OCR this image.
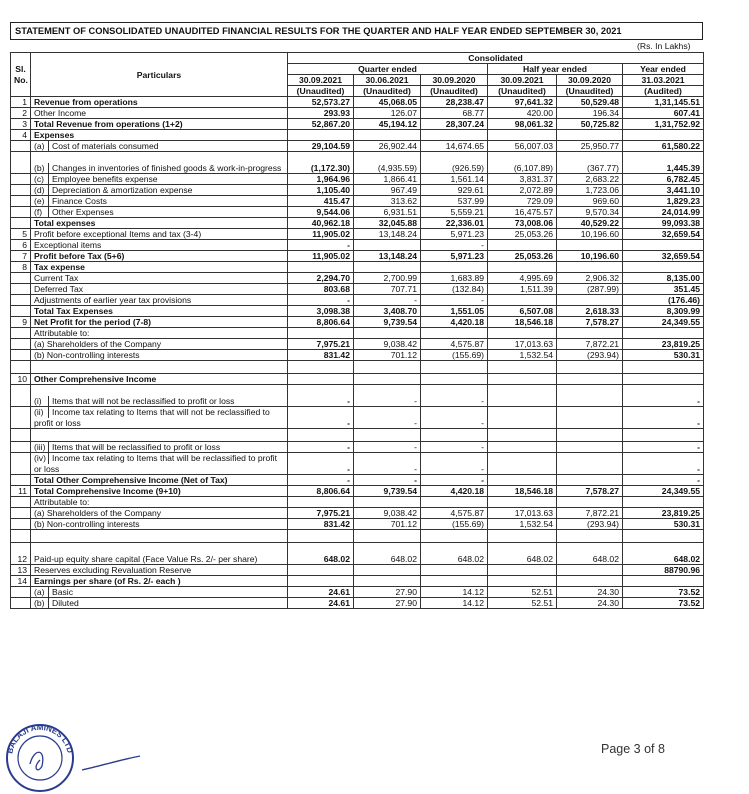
STATEMENT OF CONSOLIDATED UNAUDITED FINANCIAL RESULTS FOR THE QUARTER AND HALF YEAR ENDED SEPTEMBER 30, 2021
(Rs. In Lakhs)
Sl.
No.	Particulars	Consolidated					
		Quarter ended			Half year ended		Year ended
		30.09.2021	30.06.2021	30.09.2020	30.09.2021	30.09.2020	31.03.2021
		(Unaudited)	(Unaudited)	(Unaudited)	(Unaudited)	(Unaudited)	(Audited)
1	Revenue from operations	52,573.27	45,068.05	28,238.47	97,641.32	50,529.48	1,31,145.51
2	Other Income	293.93	126.07	68.77	420.00	196.34	607.41
3	Total Revenue from operations (1+2)	52,867.20	45,194.12	28,307.24	98,061.32	50,725.82	1,31,752.92
4	Expenses						
	(a) Cost of materials consumed	29,104.59	26,902.44	14,674.65	56,007.03	25,950.77	61,580.22
	(b) Changes in inventories of finished goods & work-in-progress	(1,172.30)	(4,935.59)	(926.59)	(6,107.89)	(367.77)	1,445.39
	(c) Employee benefits expense	1,964.96	1,866.41	1,561.14	3,831.37	2,683.22	6,782.45
	(d) Depreciation & amortization expense	1,105.40	967.49	929.61	2,072.89	1,723.06	3,441.10
	(e) Finance Costs	415.47	313.62	537.99	729.09	969.60	1,829.23
	(f) Other Expenses	9,544.06	6,931.51	5,559.21	16,475.57	9,570.34	24,014.99
	Total expenses	40,962.18	32,045.88	22,336.01	73,008.06	40,529.22	99,093.38
5	Profit before exceptional Items and tax (3-4)	11,905.02	13,148.24	5,971.23	25,053.26	10,196.60	32,659.54
6	Exceptional items	-		-			
7	Profit before Tax (5+6)	11,905.02	13,148.24	5,971.23	25,053.26	10,196.60	32,659.54
8	Tax expense						
	Current Tax	2,294.70	2,700.99	1,683.89	4,995.69	2,906.32	8,135.00
	Deferred Tax	803.68	707.71	(132.84)	1,511.39	(287.99)	351.45
	Adjustments of earlier year tax provisions	-	-	-			(176.46)
	Total Tax Expenses	3,098.38	3,408.70	1,551.05	6,507.08	2,618.33	8,309.99
9	Net Profit for the period (7-8)	8,806.64	9,739.54	4,420.18	18,546.18	7,578.27	24,349.55
	Attributable to:						
	(a) Shareholders of the Company	7,975.21	9,038.42	4,575.87	17,013.63	7,872.21	23,819.25
	(b) Non-controlling interests	831.42	701.12	(155.69)	1,532.54	(293.94)	530.31

10	Other Comprehensive Income						
	(i) Items that will not be reclassified to profit or loss	-	-	-			-
	(ii) Income tax relating to Items that will not be reclassified to profit or loss	-	-	-			-

	(iii) Items that will be reclassified to profit or loss	-	-	-			-
	(iv) Income tax relating to Items that will be reclassified to profit or loss	-	-	-			-
	Total Other Comprehensive Income (Net of Tax)	-	-	-			-
11	Total Comprehensive Income (9+10)	8,806.64	9,739.54	4,420.18	18,546.18	7,578.27	24,349.55
	Attributable to:						
	(a) Shareholders of the Company	7,975.21	9,038.42	4,575.87	17,013.63	7,872.21	23,819.25
	(b) Non-controlling interests	831.42	701.12	(155.69)	1,532.54	(293.94)	530.31

12	Paid-up equity share capital (Face Value Rs. 2/- per share)	648.02	648.02	648.02	648.02	648.02	648.02
13	Reserves excluding Revaluation Reserve						88790.96
14	Earnings per share (of Rs. 2/- each )						
	(a) Basic	24.61	27.90	14.12	52.51	24.30	73.52
	(b) Diluted	24.61	27.90	14.12	52.51	24.30	73.52
BALAJI AMINES LTD	Page 3 of 8
